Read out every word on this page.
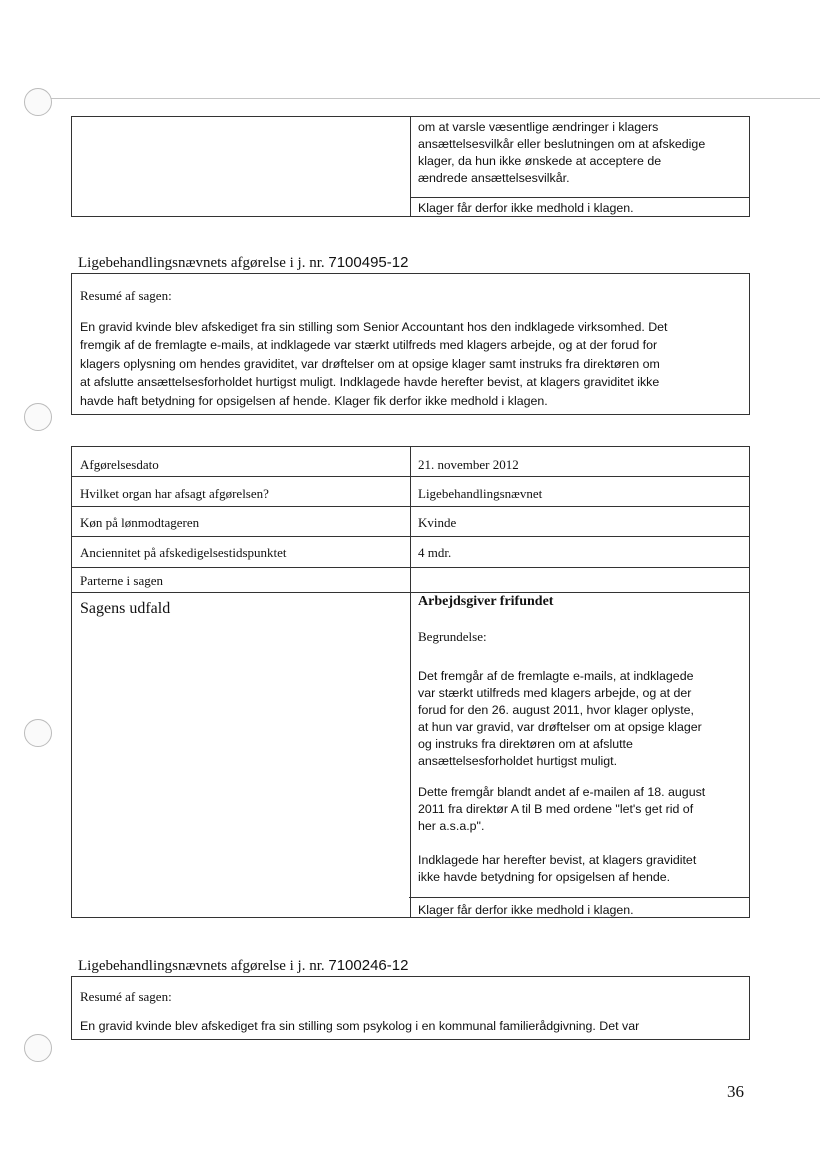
om at varsle væsentlige ændringer i klagers
ansættelsesvilkår eller beslutningen om at afskedige
klager, da hun ikke ønskede at acceptere de
ændrede ansættelsesvilkår.
Klager får derfor ikke medhold i klagen.
Ligebehandlingsnævnets afgørelse i j. nr. 7100495-12
Resumé af sagen:
En gravid kvinde blev afskediget fra sin stilling som Senior Accountant hos den indklagede virksomhed. Det
fremgik af de fremlagte e-mails, at indklagede var stærkt utilfreds med klagers arbejde, og at der forud for
klagers oplysning om hendes graviditet, var drøftelser om at opsige klager samt instruks fra direktøren om
at afslutte ansættelsesforholdet hurtigst muligt. Indklagede havde herefter bevist, at klagers graviditet ikke
havde haft betydning for opsigelsen af hende. Klager fik derfor ikke medhold i klagen.
Afgørelsesdato	21. november 2012
Hvilket organ har afsagt afgørelsen?	Ligebehandlingsnævnet
Køn på lønmodtageren	Kvinde
Anciennitet på afskedigelsestidspunktet	4 mdr.
Parterne i sagen
Sagens udfald	Arbejdsgiver frifundet
Begrundelse:
Det fremgår af de fremlagte e-mails, at indklagede
var stærkt utilfreds med klagers arbejde, og at der
forud for den 26. august 2011, hvor klager oplyste,
at hun var gravid, var drøftelser om at opsige klager
og instruks fra direktøren om at afslutte
ansættelsesforholdet hurtigst muligt.
Dette fremgår blandt andet af e-mailen af 18. august
2011 fra direktør A til B med ordene "let's get rid of
her a.s.a.p".
Indklagede har herefter bevist, at klagers graviditet
ikke havde betydning for opsigelsen af hende.
Klager får derfor ikke medhold i klagen.
Ligebehandlingsnævnets afgørelse i j. nr. 7100246-12
Resumé af sagen:
En gravid kvinde blev afskediget fra sin stilling som psykolog i en kommunal familierådgivning. Det var
36
